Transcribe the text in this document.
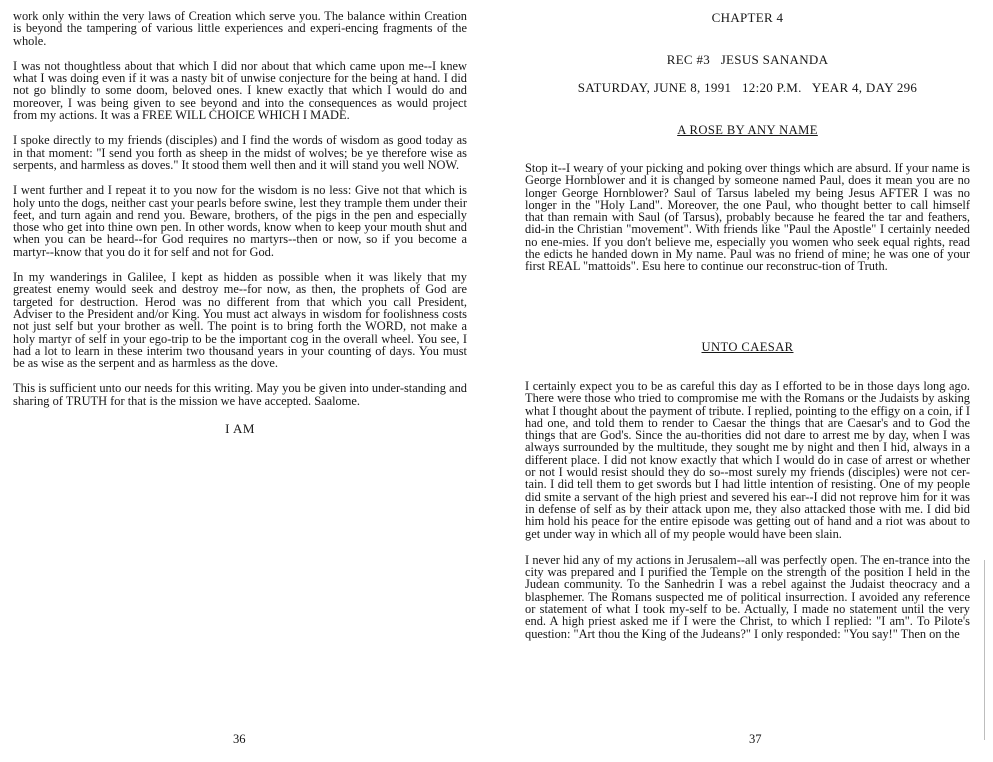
work only within the very laws of Creation which serve you. The balance within Creation is beyond the tampering of various little experiences and experi-encing fragments of the whole.

I was not thoughtless about that which I did nor about that which came upon me--I knew what I was doing even if it was a nasty bit of unwise conjecture for the being at hand. I did not go blindly to some doom, beloved ones. I knew exactly that which I would do and moreover, I was being given to see beyond and into the consequences as would project from my actions. It was a FREE WILL CHOICE WHICH I MADE.

I spoke directly to my friends (disciples) and I find the words of wisdom as good today as in that moment: "I send you forth as sheep in the midst of wolves; be ye therefore wise as serpents, and harmless as doves." It stood them well then and it will stand you well NOW.

I went further and I repeat it to you now for the wisdom is no less: Give not that which is holy unto the dogs, neither cast your pearls before swine, lest they trample them under their feet, and turn again and rend you. Beware, brothers, of the pigs in the pen and especially those who get into thine own pen. In other words, know when to keep your mouth shut and when you can be heard--for God requires no martyrs--then or now, so if you become a martyr--know that you do it for self and not for God.

In my wanderings in Galilee, I kept as hidden as possible when it was likely that my greatest enemy would seek and destroy me--for now, as then, the prophets of God are targeted for destruction. Herod was no different from that which you call President, Adviser to the President and/or King. You must act always in wisdom for foolishness costs not just self but your brother as well. The point is to bring forth the WORD, not make a holy martyr of self in your ego-trip to be the important cog in the overall wheel. You see, I had a lot to learn in these interim two thousand years in your counting of days. You must be as wise as the serpent and as harmless as the dove.

This is sufficient unto our needs for this writing. May you be given into under-standing and sharing of TRUTH for that is the mission we have accepted. Saalome.

I AM
36
CHAPTER 4
REC #3   JESUS SANANDA
SATURDAY, JUNE 8, 1991   12:20 P.M.   YEAR 4, DAY 296
A ROSE BY ANY NAME

Stop it--I weary of your picking and poking over things which are absurd. If your name is George Hornblower and it is changed by someone named Paul, does it mean you are no longer George Hornblower? Saul of Tarsus labeled my being Jesus AFTER I was no longer in the "Holy Land". Moreover, the one Paul, who thought better to call himself that than remain with Saul (of Tarsus), probably because he feared the tar and feathers, did-in the Christian "movement". With friends like "Paul the Apostle" I certainly needed no ene-mies. If you don't believe me, especially you women who seek equal rights, read the edicts he handed down in My name. Paul was no friend of mine; he was one of your first REAL "mattoids". Esu here to continue our reconstruc-tion of Truth.

UNTO CAESAR

I certainly expect you to be as careful this day as I efforted to be in those days long ago. There were those who tried to compromise me with the Romans or the Judaists by asking what I thought about the payment of tribute. I replied, pointing to the effigy on a coin, if I had one, and told them to render to Caesar the things that are Caesar's and to God the things that are God's. Since the au-thorities did not dare to arrest me by day, when I was always surrounded by the multitude, they sought me by night and then I hid, always in a different place. I did not know exactly that which I would do in case of arrest or whether or not I would resist should they do so--most surely my friends (disciples) were not cer-tain. I did tell them to get swords but I had little intention of resisting. One of my people did smite a servant of the high priest and severed his ear--I did not reprove him for it was in defense of self as by their attack upon me, they also attacked those with me. I did bid him hold his peace for the entire episode was getting out of hand and a riot was about to get under way in which all of my people would have been slain.

I never hid any of my actions in Jerusalem--all was perfectly open. The en-trance into the city was prepared and I purified the Temple on the strength of the position I held in the Judean community. To the Sanhedrin I was a rebel against the Judaist theocracy and a blasphemer. The Romans suspected me of political insurrection. I avoided any reference or statement of what I took my-self to be. Actually, I made no statement until the very end. A high priest asked me if I were the Christ, to which I replied: "I am". To Pilote's question: "Art thou the King of the Judeans?" I only responded: "You say!" Then on the

37
